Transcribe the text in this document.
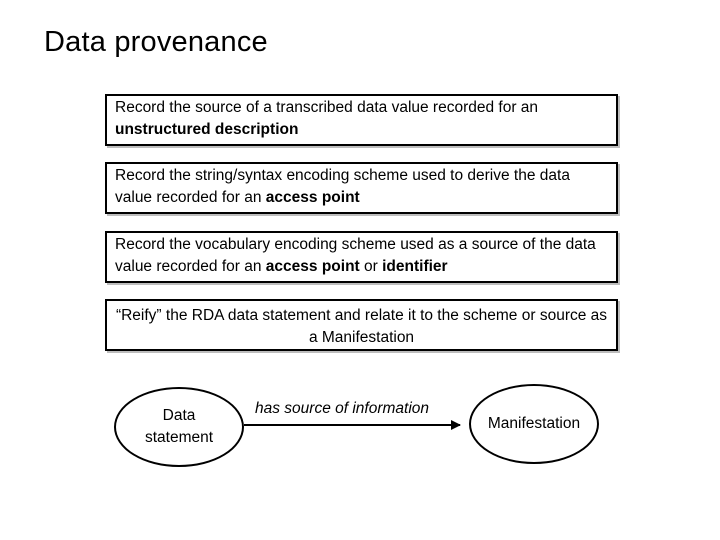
Data provenance
Record the source of a transcribed data value recorded for an unstructured description
Record the string/syntax encoding scheme used to derive the data value recorded for an access point
Record the vocabulary encoding scheme used as a source of the data value recorded for an access point or identifier
“Reify” the RDA data statement and relate it to the scheme or source as a Manifestation
Data statement
has source of information
Manifestation
